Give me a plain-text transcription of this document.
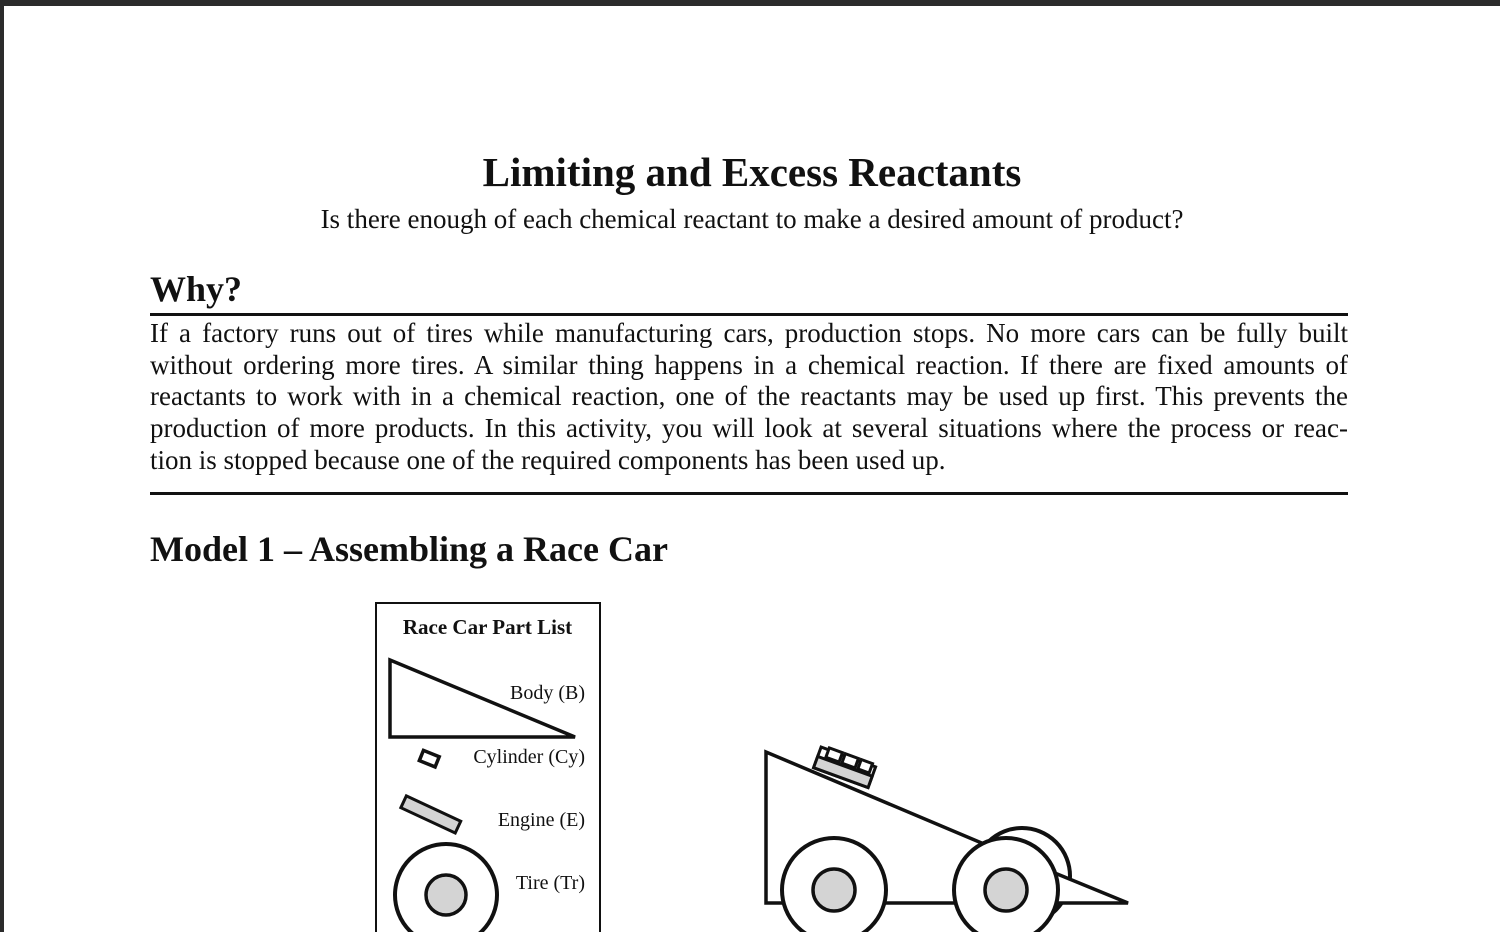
Limiting and Excess Reactants

Is there enough of each chemical reactant to make a desired amount of product?

Why?
If a factory runs out of tires while manufacturing cars, production stops. No more cars can be fully built
without ordering more tires. A similar thing happens in a chemical reaction. If there are fixed amounts of
reactants to work with in a chemical reaction, one of the reactants may be used up first. This prevents the
production of more products. In this activity, you will look at several situations where the process or reac-
tion is stopped because one of the required components has been used up.
Model 1 – Assembling a Race Car
Race Car Part List
Body (B)
Cylinder (Cy)
Engine (E)
Tire (Tr)
